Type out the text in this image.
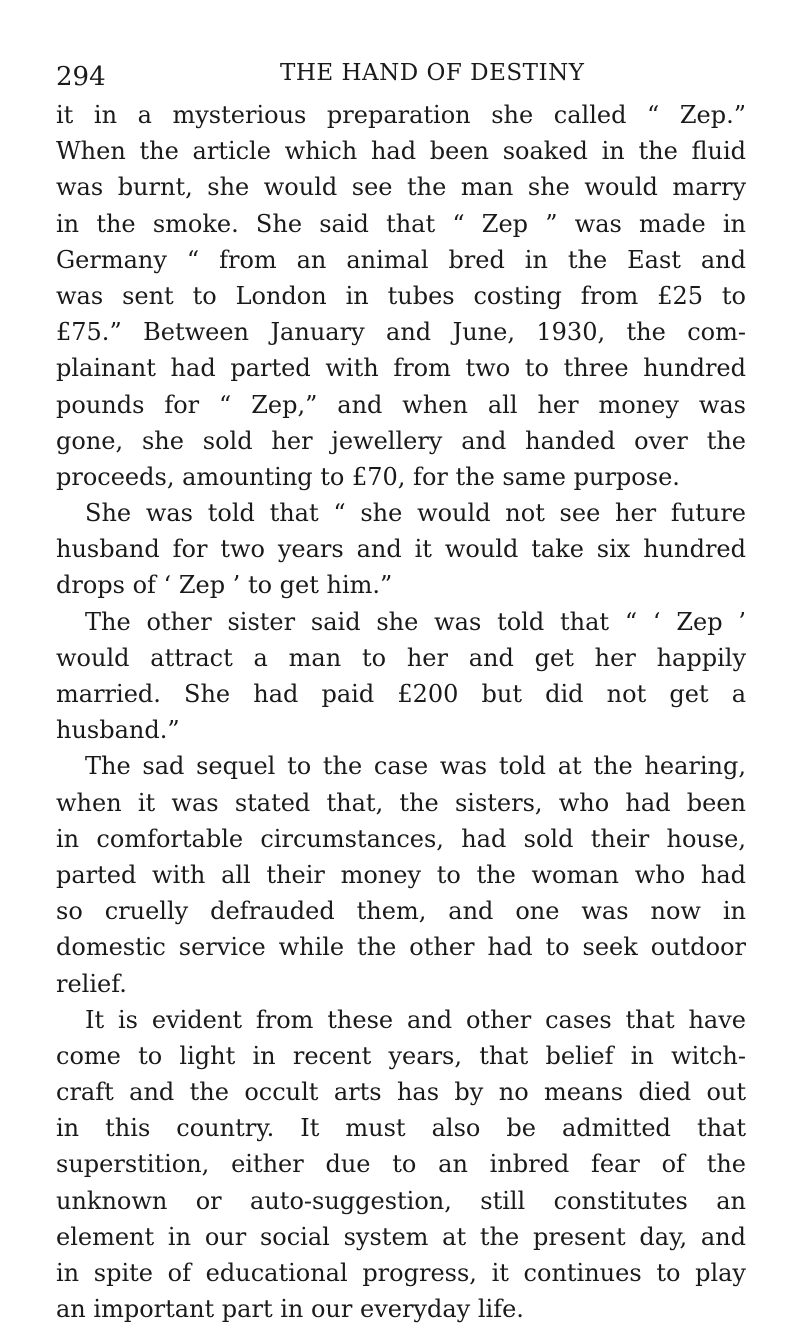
294	THE HAND OF DESTINY
it in a mysterious preparation she called “ Zep.”
When the article which had been soaked in the fluid
was burnt, she would see the man she would marry
in the smoke. She said that “ Zep ” was made in
Germany “ from an animal bred in the East and
was sent to London in tubes costing from £25 to
£75.” Between January and June, 1930, the com-
plainant had parted with from two to three hundred
pounds for “ Zep,” and when all her money was
gone, she sold her jewellery and handed over the
proceeds, amounting to £70, for the same purpose.
She was told that “ she would not see her future
husband for two years and it would take six hundred
drops of ‘ Zep ’ to get him.”
The other sister said she was told that “ ‘ Zep ’
would attract a man to her and get her happily
married. She had paid £200 but did not get a
husband.”
The sad sequel to the case was told at the hearing,
when it was stated that, the sisters, who had been
in comfortable circumstances, had sold their house,
parted with all their money to the woman who had
so cruelly defrauded them, and one was now in
domestic service while the other had to seek outdoor
relief.
It is evident from these and other cases that have
come to light in recent years, that belief in witch-
craft and the occult arts has by no means died out
in this country. It must also be admitted that
superstition, either due to an inbred fear of the
unknown or auto-suggestion, still constitutes an
element in our social system at the present day, and
in spite of educational progress, it continues to play
an important part in our everyday life.
